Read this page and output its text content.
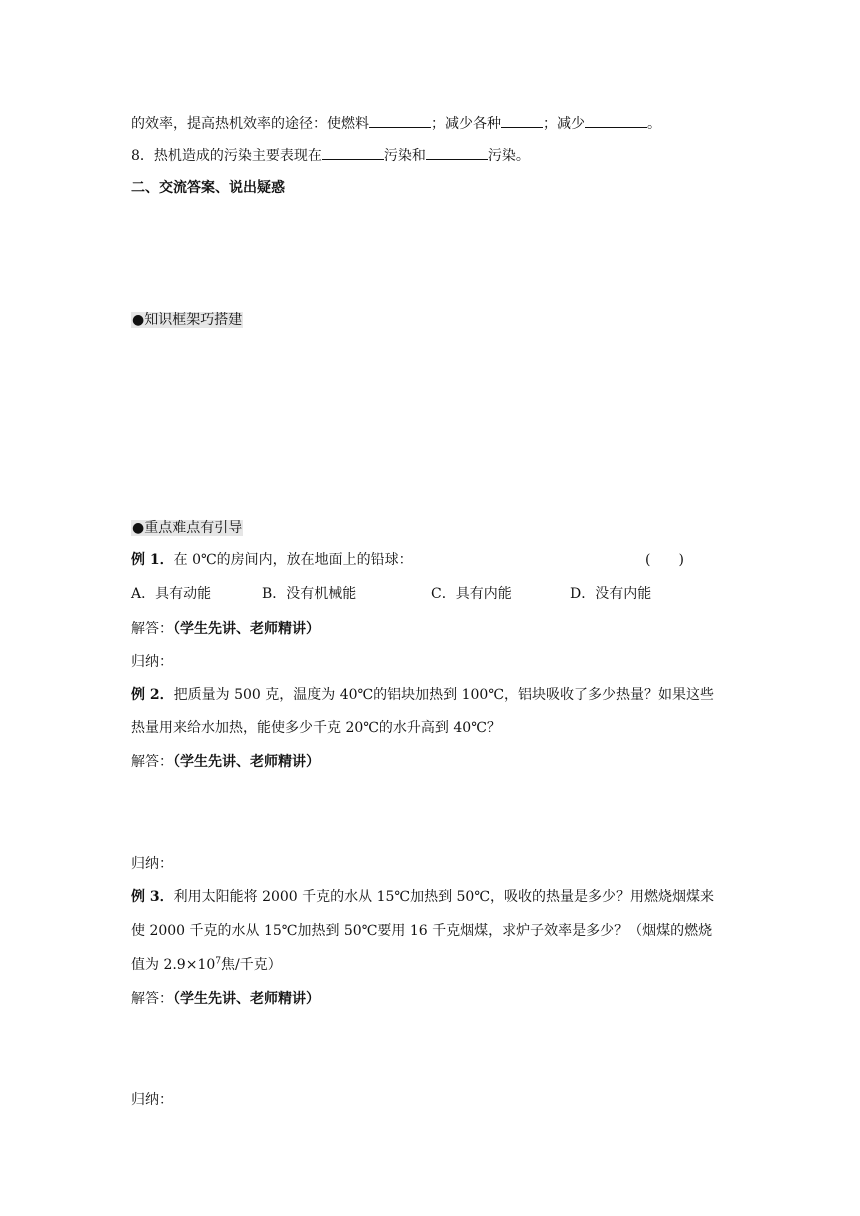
的效率，提高热机效率的途径：使燃料	；减少各种	；减少	。
8．热机造成的污染主要表现在	污染和	污染。
二、交流答案、说出疑惑
●知识框架巧搭建
●重点难点有引导
例 1．在 0℃的房间内，放在地面上的铅球：	(　　)
A．具有动能	B．没有机械能	C．具有内能	D．没有内能
解答：（学生先讲、老师精讲）
归纳：
例 2．把质量为 500 克，温度为 40℃的铝块加热到 100℃，铝块吸收了多少热量？如果这些
热量用来给水加热，能使多少千克 20℃的水升高到 40℃？
解答：（学生先讲、老师精讲）
归纳：
例 3．利用太阳能将 2000 千克的水从 15℃加热到 50℃，吸收的热量是多少？用燃烧烟煤来
使 2000 千克的水从 15℃加热到 50℃要用 16 千克烟煤，求炉子效率是多少？（烟煤的燃烧
值为 $2.9\times 10^7$焦/千克）
解答：（学生先讲、老师精讲）
归纳：
